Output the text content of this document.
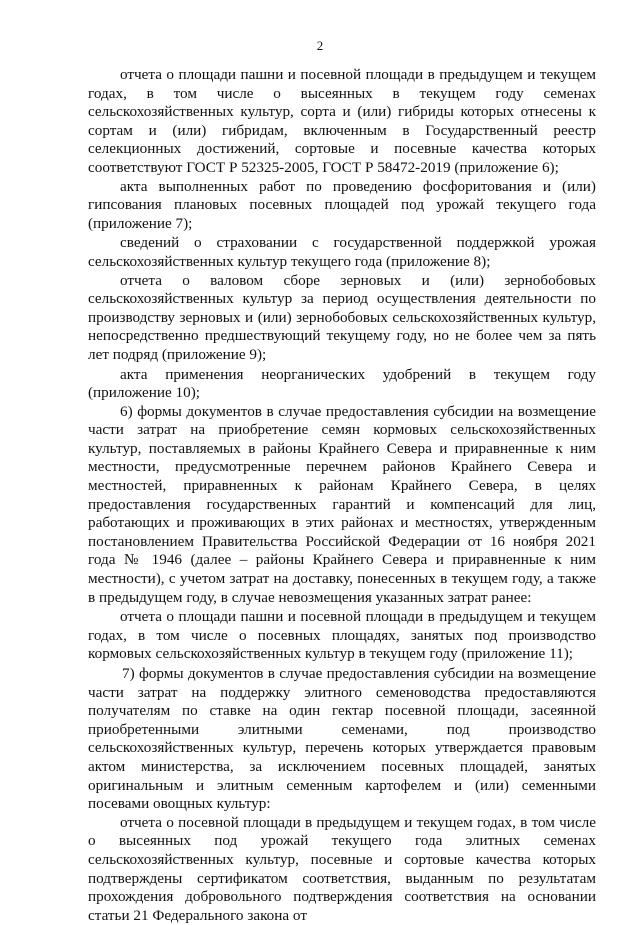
2

отчета о площади пашни и посевной площади в предыдущем и текущем годах, в том числе о высеянных в текущем году семенах сельскохозяйственных культур, сорта и (или) гибриды которых отнесены к сортам и (или) гибридам, включенным в Государственный реестр селекционных достижений, сортовые и посевные качества которых соответствуют ГОСТ Р 52325-2005, ГОСТ Р 58472-2019 (приложение 6);

акта выполненных работ по проведению фосфоритования и (или) гипсования плановых посевных площадей под урожай текущего года (приложение 7);

сведений о страховании с государственной поддержкой урожая сельскохозяйственных культур текущего года (приложение 8);

отчета о валовом сборе зерновых и (или) зернобобовых сельскохозяйственных культур за период осуществления деятельности по производству зерновых и (или) зернобобовых сельскохозяйственных культур, непосредственно предшествующий текущему году, но не более чем за пять лет подряд (приложение 9);

акта применения неорганических удобрений в текущем году (приложение 10);

6) формы документов в случае предоставления субсидии на возмещение части затрат на приобретение семян кормовых сельскохозяйственных культур, поставляемых в районы Крайнего Севера и приравненные к ним местности, предусмотренные перечнем районов Крайнего Севера и местностей, приравненных к районам Крайнего Севера, в целях предоставления государственных гарантий и компенсаций для лиц, работающих и проживающих в этих районах и местностях, утвержденным постановлением Правительства Российской Федерации от 16 ноября 2021 года № 1946 (далее – районы Крайнего Севера и приравненные к ним местности), с учетом затрат на доставку, понесенных в текущем году, а также в предыдущем году, в случае невозмещения указанных затрат ранее:

отчета о площади пашни и посевной площади в предыдущем и текущем годах, в том числе о посевных площадях, занятых под производство кормовых сельскохозяйственных культур в текущем году (приложение 11);

7) формы документов в случае предоставления субсидии на возмещение части затрат на поддержку элитного семеноводства предоставляются получателям по ставке на один гектар посевной площади, засеянной приобретенными элитными семенами, под производство сельскохозяйственных культур, перечень которых утверждается правовым актом министерства, за исключением посевных площадей, занятых оригинальным и элитным семенным картофелем и (или) семенными посевами овощных культур:

отчета о посевной площади в предыдущем и текущем годах, в том числе о высеянных под урожай текущего года элитных семенах сельскохозяйственных культур, посевные и сортовые качества которых подтверждены сертификатом соответствия, выданным по результатам прохождения добровольного подтверждения соответствия на основании статьи 21 Федерального закона от
